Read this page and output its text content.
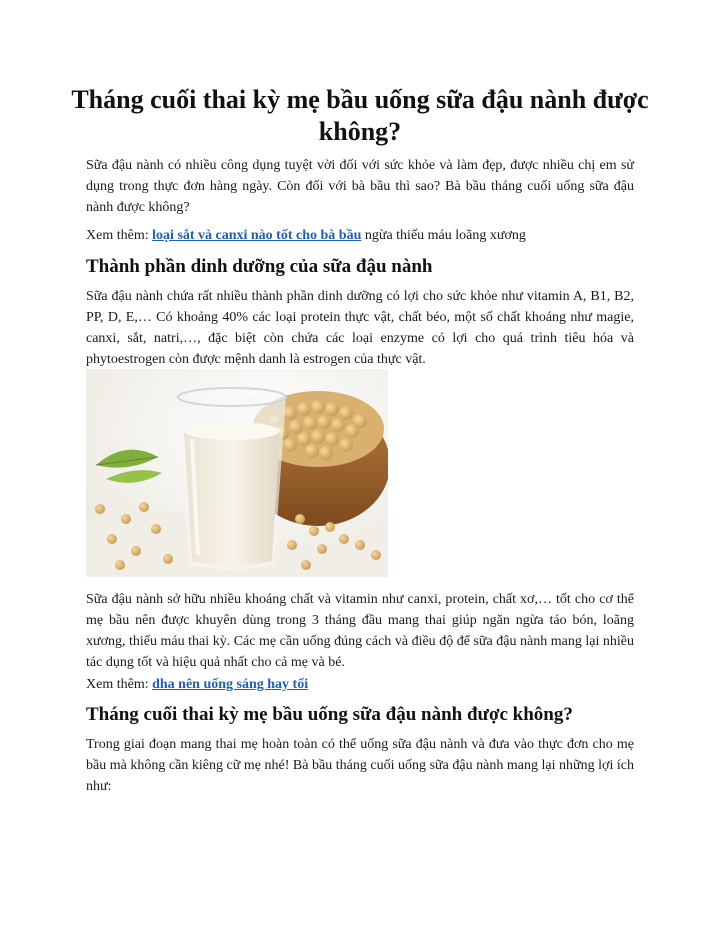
Tháng cuối thai kỳ mẹ bầu uống sữa đậu nành được không?

Sữa đậu nành có nhiều công dụng tuyệt vời đối với sức khỏe và làm đẹp, được nhiều chị em sử dụng trong thực đơn hàng ngày. Còn đối với bà bầu thì sao? Bà bầu tháng cuối uống sữa đậu nành được không?

Xem thêm: loại sắt và canxi nào tốt cho bà bầu ngừa thiếu máu loãng xương

Thành phần dinh dưỡng của sữa đậu nành

Sữa đậu nành chứa rất nhiều thành phần dinh dưỡng có lợi cho sức khỏe như vitamin A, B1, B2, PP, D, E,… Có khoảng 40% các loại protein thực vật, chất béo, một số chất khoáng như magie, canxi, sắt, natri,…, đặc biệt còn chứa các loại enzyme có lợi cho quá trình tiêu hóa và phytoestrogen còn được mệnh danh là estrogen của thực vật.

Sữa đậu nành sở hữu nhiều khoáng chất và vitamin như canxi, protein, chất xơ,… tốt cho cơ thể mẹ bầu nên được khuyên dùng trong 3 tháng đầu mang thai giúp ngăn ngừa táo bón, loãng xương, thiếu máu thai kỳ. Các mẹ cần uống đúng cách và điều độ để sữa đậu nành mang lại nhiều tác dụng tốt và hiệu quả nhất cho cả mẹ và bé.

Xem thêm: dha nên uống sáng hay tối

Tháng cuối thai kỳ mẹ bầu uống sữa đậu nành được không?

Trong giai đoạn mang thai mẹ hoàn toàn có thể uống sữa đậu nành và đưa vào thực đơn cho mẹ bầu mà không cần kiêng cữ mẹ nhé! Bà bầu tháng cuối uống sữa đậu nành mang lại những lợi ích như:
